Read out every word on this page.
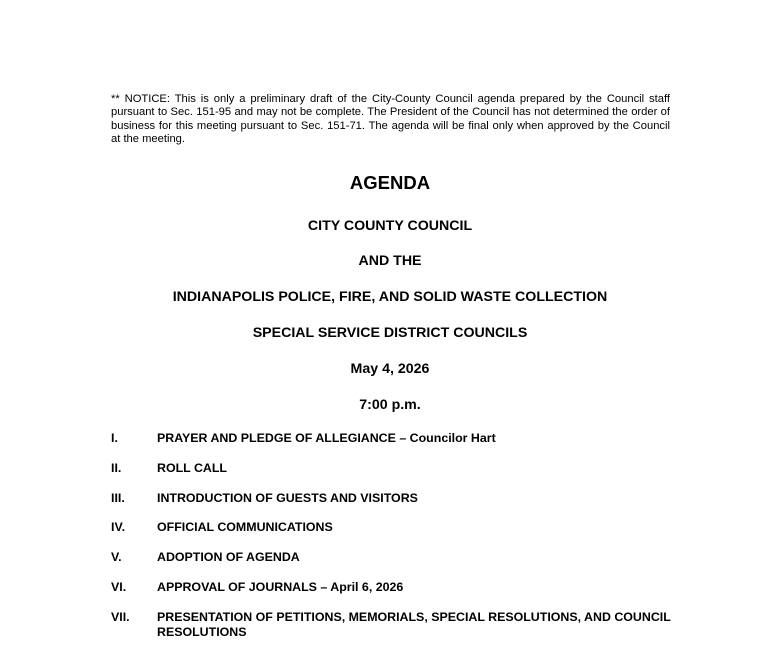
** NOTICE: This is only a preliminary draft of the City-County Council agenda prepared by the Council staff pursuant to Sec. 151-95 and may not be complete. The President of the Council has not determined the order of business for this meeting pursuant to Sec. 151-71. The agenda will be final only when approved by the Council at the meeting.

AGENDA
CITY COUNTY COUNCIL
AND THE
INDIANAPOLIS POLICE, FIRE, AND SOLID WASTE COLLECTION
SPECIAL SERVICE DISTRICT COUNCILS
May 4, 2026
7:00 p.m.
I.	PRAYER AND PLEDGE OF ALLEGIANCE – Councilor Hart
II.	ROLL CALL
III.	INTRODUCTION OF GUESTS AND VISITORS
IV.	OFFICIAL COMMUNICATIONS
V.	ADOPTION OF AGENDA
VI. APPROVAL OF JOURNALS – April 6, 2026
VII. PRESENTATION OF PETITIONS, MEMORIALS, SPECIAL RESOLUTIONS, AND COUNCIL RESOLUTIONS
